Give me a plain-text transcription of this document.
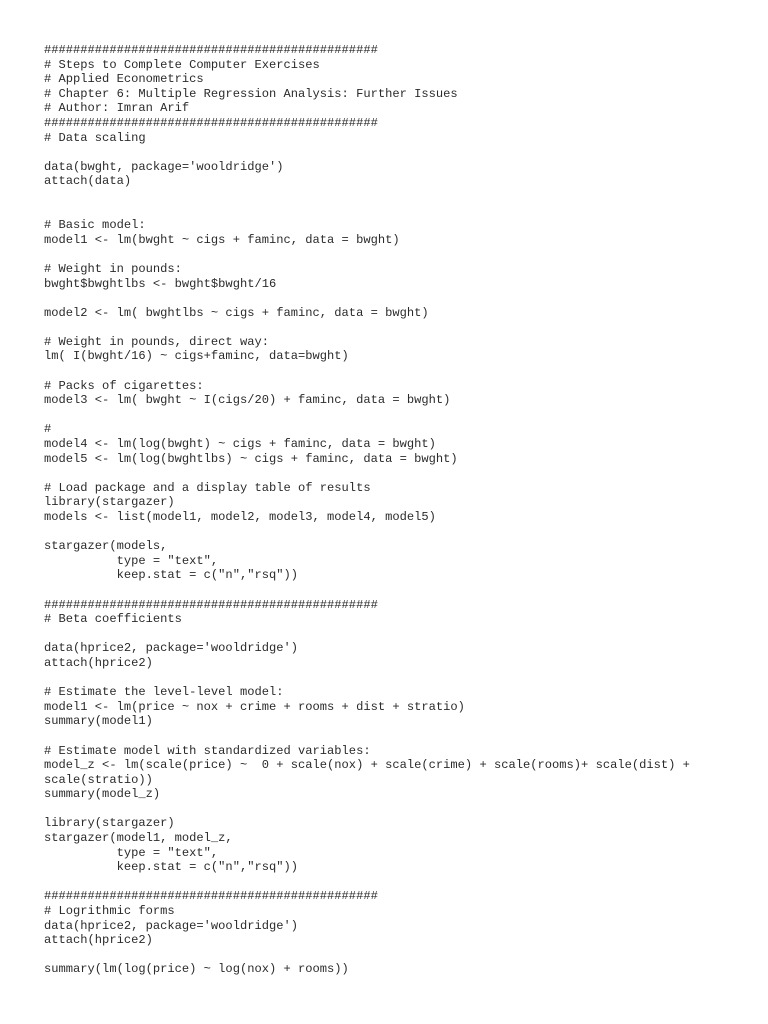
##############################################
# Steps to Complete Computer Exercises
# Applied Econometrics
# Chapter 6: Multiple Regression Analysis: Further Issues
# Author: Imran Arif
##############################################
# Data scaling
data(bwght, package='wooldridge')
attach(data)
# Basic model:
model1 <- lm(bwght ~ cigs + faminc, data = bwght)
# Weight in pounds:
bwght$bwghtlbs <- bwght$bwght/16
model2 <- lm( bwghtlbs ~ cigs + faminc, data = bwght)
# Weight in pounds, direct way:
lm( I(bwght/16) ~ cigs+faminc, data=bwght)
# Packs of cigarettes:
model3 <- lm( bwght ~ I(cigs/20) + faminc, data = bwght)
#
model4 <- lm(log(bwght) ~ cigs + faminc, data = bwght)
model5 <- lm(log(bwghtlbs) ~ cigs + faminc, data = bwght)
# Load package and a display table of results
library(stargazer)
models <- list(model1, model2, model3, model4, model5)
stargazer(models,
type = "text",
keep.stat = c("n","rsq"))
##############################################
# Beta coefficients
data(hprice2, package='wooldridge')
attach(hprice2)
# Estimate the level-level model:
model1 <- lm(price ~ nox + crime + rooms + dist + stratio)
summary(model1)
# Estimate model with standardized variables:
model_z <- lm(scale(price) ~  0 + scale(nox) + scale(crime) + scale(rooms)+ scale(dist) +
scale(stratio))
summary(model_z)
library(stargazer)
stargazer(model1, model_z,
type = "text",
keep.stat = c("n","rsq"))
##############################################
# Logrithmic forms
data(hprice2, package='wooldridge')
attach(hprice2)
summary(lm(log(price) ~ log(nox) + rooms))
